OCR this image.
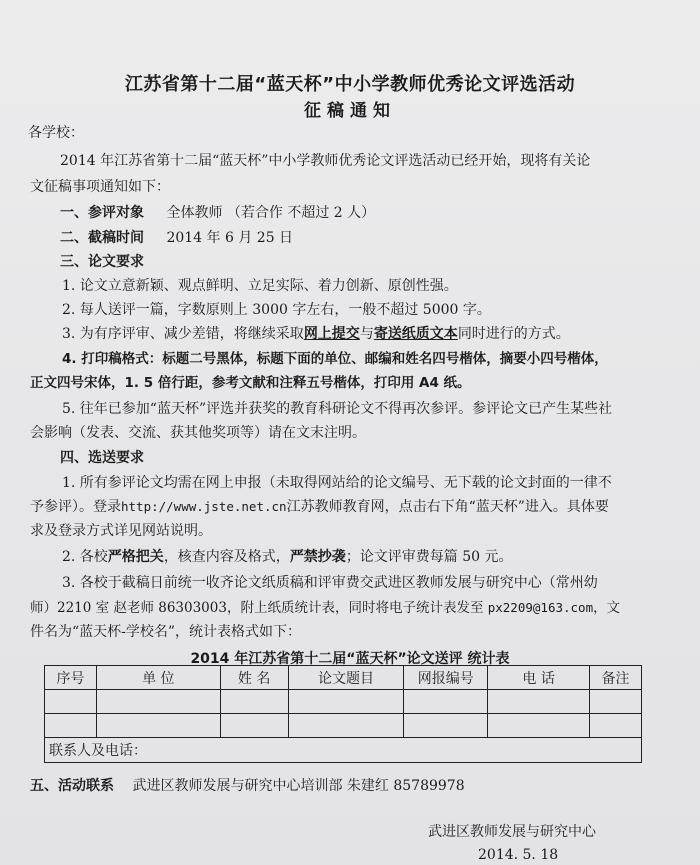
江苏省第十二届“蓝天杯”中小学教师优秀论文评选活动
征稿通知
各学校：
2014 年江苏省第十二届“蓝天杯”中小学教师优秀论文评选活动已经开始，现将有关论
文征稿事项通知如下：
一、参评对象 全体教师 （若合作 不超过 2 人）
二、截稿时间 2014 年 6 月 25 日
三、论文要求
1. 论文立意新颖、观点鲜明、立足实际、着力创新、原创性强。
2. 每人送评一篇，字数原则上 3000 字左右，一般不超过 5000 字。
3. 为有序评审、减少差错，将继续采取网上提交与寄送纸质文本同时进行的方式。
4. 打印稿格式：标题二号黑体，标题下面的单位、邮编和姓名四号楷体，摘要小四号楷体，
正文四号宋体，1. 5 倍行距，参考文献和注释五号楷体，打印用 A4 纸。
5. 往年已参加“蓝天杯”评选并获奖的教育科研论文不得再次参评。参评论文已产生某些社
会影响（发表、交流、获其他奖项等）请在文末注明。
四、选送要求
1. 所有参评论文均需在网上申报（未取得网站给的论文编号、无下载的论文封面的一律不
予参评）。登录http://www.jste.net.cn江苏教师教育网，点击右下角“蓝天杯”进入。具体要
求及登录方式详见网站说明。
2. 各校严格把关，核查内容及格式，严禁抄袭；论文评审费每篇 50 元。
3. 各校于截稿日前统一收齐论文纸质稿和评审费交武进区教师发展与研究中心（常州幼
师）2210 室 赵老师 86303003，附上纸质统计表，同时将电子统计表发至 px2209@163.com，文
件名为“蓝天杯-学校名”，统计表格式如下：
2014 年江苏省第十二届“蓝天杯”论文送评 统计表
序号	单 位	姓 名	论文题目	网报编号	电 话	备注

联系人及电话：						
五、活动联系 武进区教师发展与研究中心培训部 朱建红 85789978
武进区教师发展与研究中心
2014. 5. 18
